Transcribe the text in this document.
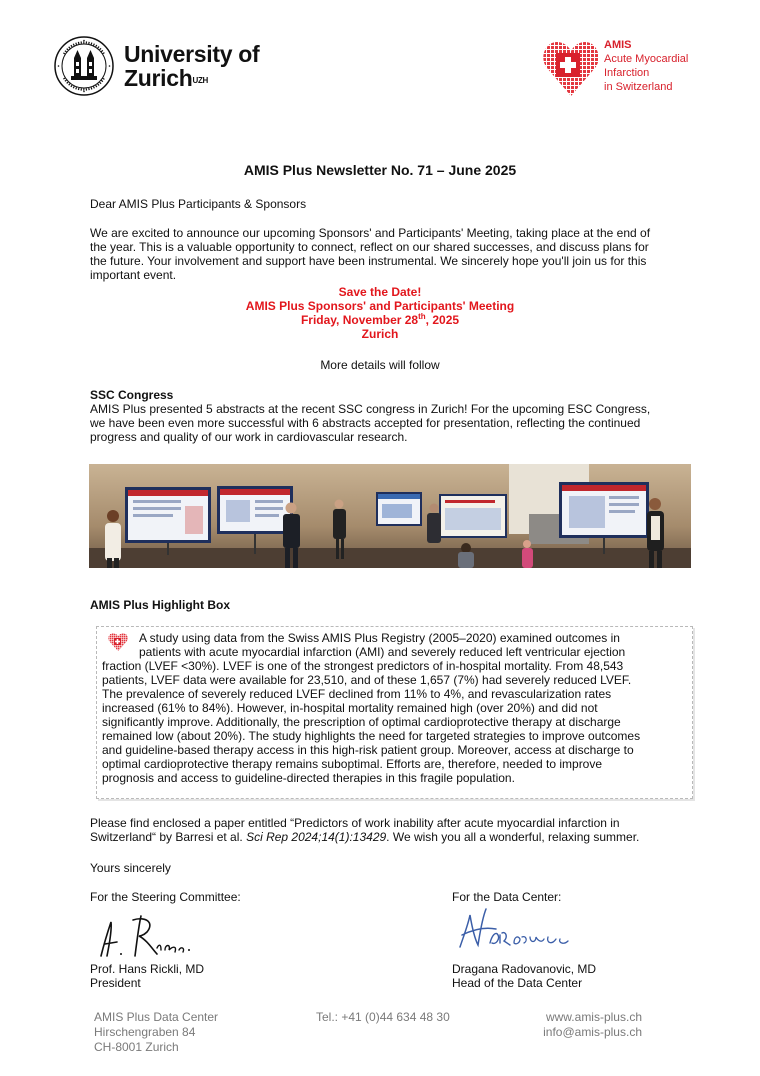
University of
Zurich$^{UZH}$
AMIS
Acute Myocardial
Infarction
in Switzerland
AMIS Plus Newsletter No. 71 – June 2025
Dear AMIS Plus Participants & Sponsors
We are excited to announce our upcoming Sponsors' and Participants' Meeting, taking place at the end of
the year. This is a valuable opportunity to connect, reflect on our shared successes, and discuss plans for
the future. Your involvement and support have been instrumental. We sincerely hope you'll join us for this
important event.
Save the Date!
AMIS Plus Sponsors' and Participants' Meeting
Friday, November 28th, 2025
Zurich
More details will follow
SSC Congress
AMIS Plus presented 5 abstracts at the recent SSC congress in Zurich! For the upcoming ESC Congress,
we have been even more successful with 6 abstracts accepted for presentation, reflecting the continued
progress and quality of our work in cardiovascular research.
AMIS Plus Highlight Box
A study using data from the Swiss AMIS Plus Registry (2005–2020) examined outcomes in
patients with acute myocardial infarction (AMI) and severely reduced left ventricular ejection
fraction (LVEF <30%). LVEF is one of the strongest predictors of in-hospital mortality. From 48,543
patients, LVEF data were available for 23,510, and of these 1,657 (7%) had severely reduced LVEF.
The prevalence of severely reduced LVEF declined from 11% to 4%, and revascularization rates
increased (61% to 84%). However, in-hospital mortality remained high (over 20%) and did not
significantly improve. Additionally, the prescription of optimal cardioprotective therapy at discharge
remained low (about 20%). The study highlights the need for targeted strategies to improve outcomes
and guideline-based therapy access in this high-risk patient group. Moreover, access at discharge to
optimal cardioprotective therapy remains suboptimal. Efforts are, therefore, needed to improve
prognosis and access to guideline-directed therapies in this fragile population.
Please find enclosed a paper entitled “Predictors of work inability after acute myocardial infarction in
Switzerland“ by Barresi et al. Sci Rep 2024;14(1):13429. We wish you all a wonderful, relaxing summer.
Yours sincerely
For the Steering Committee:	For the Data Center:
Prof. Hans Rickli, MD
President
Dragana Radovanovic, MD
Head of the Data Center
AMIS Plus Data Center
Hirschengraben 84
CH-8001 Zurich
Tel.: +41 (0)44 634 48 30	www.amis-plus.ch
info@amis-plus.ch
